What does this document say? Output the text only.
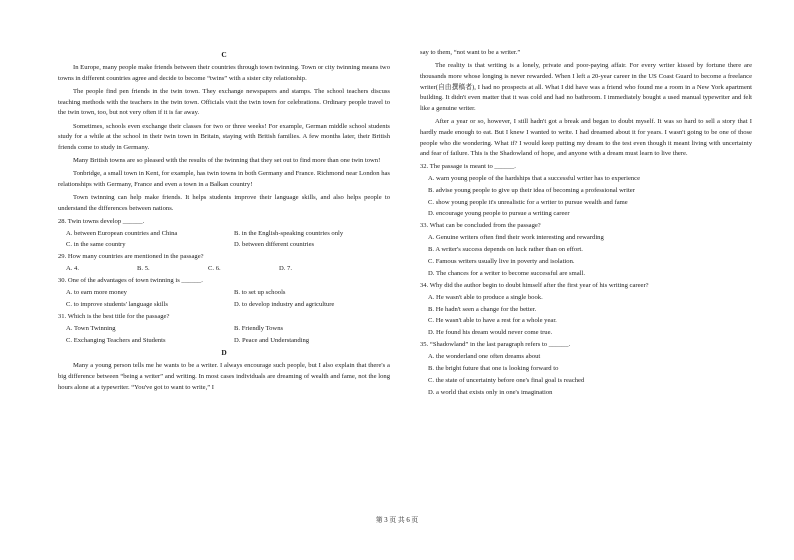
C

In Europe, many people make friends between their countries through town twinning. Town or city twinning means two towns in different countries agree and decide to become “twins” with a sister city relationship.

The people find pen friends in the twin town. They exchange newspapers and stamps. The school teachers discuss teaching methods with the teachers in the twin town. Officials visit the twin town for celebrations. Ordinary people travel to the twin town, too, but not very often if it is far away.

Sometimes, schools even exchange their classes for two or three weeks! For example, German middle school students study for a while at the school in their twin town in Britain, staying with British families. A few months later, their British friends come to study in Germany.

Many British towns are so pleased with the results of the twinning that they set out to find more than one twin town!

Tonbridge, a small town in Kent, for example, has twin towns in both Germany and France. Richmond near London has relationships with Germany, France and even a town in a Balkan country!

Town twinning can help make friends. It helps students improve their language skills, and also helps people to understand the differences between nations.

28. Twin towns develop ______.
A. between European countries and China	B. in the English-speaking countries only
C. in the same country	D. between different countries
29. How many countries are mentioned in the passage?
A. 4.	B. 5.	C. 6.	D. 7.
30. One of the advantages of town twinning is ______.
A. to earn more money	B. to set up schools
C. to improve students' language skills	D. to develop industry and agriculture
31. Which is the best title for the passage?
A. Town Twinning	B. Friendly Towns
C. Exchanging Teachers and Students	D. Peace and Understanding
D

Many a young person tells me he wants to be a writer. I always encourage such people, but I also explain that there's a big difference between “being a writer” and writing. In most cases individuals are dreaming of wealth and fame, not the long hours alone at a typewriter. “You've got to want to write,” I

say to them, “not want to be a writer.”

The reality is that writing is a lonely, private and poor-paying affair. For every writer kissed by fortune there are thousands more whose longing is never rewarded. When I left a 20-year career in the US Coast Guard to become a freelance writer(自由撰稿者), I had no prospects at all. What I did have was a friend who found me a room in a New York apartment building. It didn't even matter that it was cold and had no bathroom. I immediately bought a used manual typewriter and felt like a genuine writer.

After a year or so, however, I still hadn't got a break and began to doubt myself. It was so hard to sell a story that I hardly made enough to eat. But I knew I wanted to write. I had dreamed about it for years. I wasn't going to be one of those people who die wondering. What if? I would keep putting my dream to the test even though it meant living with uncertainty and fear of failure. This is the Shadowland of hope, and anyone with a dream must learn to live there.

32. The passage is meant to ______.
A. warn young people of the hardships that a successful writer has to experience
B. advise young people to give up their idea of becoming a professional writer
C. show young people it's unrealistic for a writer to pursue wealth and fame
D. encourage young people to pursue a writing career
33. What can be concluded from the passage?
A. Genuine writers often find their work interesting and rewarding
B. A writer's success depends on luck rather than on effort.
C. Famous writers usually live in poverty and isolation.
D. The chances for a writer to become successful are small.
34. Why did the author begin to doubt himself after the first year of his writing career?
A. He wasn't able to produce a single book.
B. He hadn't seen a change for the better.
C. He wasn't able to have a rest for a whole year.
D. He found his dream would never come true.
35. “Shadowland” in the last paragraph refers to ______.
A. the wonderland one often dreams about
B. the bright future that one is looking forward to
C. the state of uncertainty before one's final goal is reached
D. a world that exists only in one's imagination
第 3 页 共 6 页
